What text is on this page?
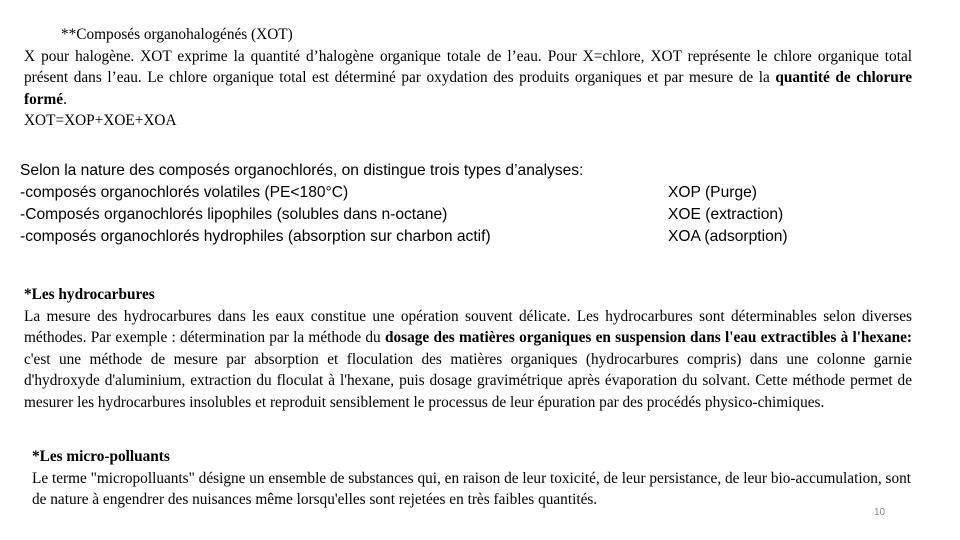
**Composés organohalogénés (XOT)
X pour halogène. XOT exprime la quantité d’halogène organique totale de l’eau. Pour X=chlore, XOT représente le chlore organique total présent dans l’eau. Le chlore organique total est déterminé par oxydation des produits organiques et par mesure de la quantité de chlorure formé.
XOT=XOP+XOE+XOA
Selon la nature des composés organochlorés, on distingue trois types d’analyses:
-composés organochlorés volatiles (PE<180°C)	XOP (Purge)
-Composés organochlorés lipophiles (solubles dans n-octane)	XOE (extraction)
-composés organochlorés hydrophiles (absorption sur charbon actif)	XOA (adsorption)
*Les hydrocarbures
La mesure des hydrocarbures dans les eaux constitue une opération souvent délicate. Les hydrocarbures sont déterminables selon diverses méthodes. Par exemple : détermination par la méthode du dosage des matières organiques en suspension dans l'eau extractibles à l'hexane: c'est une méthode de mesure par absorption et floculation des matières organiques (hydrocarbures compris) dans une colonne garnie d'hydroxyde d'aluminium, extraction du floculat à l'hexane, puis dosage gravimétrique après évaporation du solvant. Cette méthode permet de mesurer les hydrocarbures insolubles et reproduit sensiblement le processus de leur épuration par des procédés physico-chimiques.
*Les micro-polluants
Le terme "micropolluants" désigne un ensemble de substances qui, en raison de leur toxicité, de leur persistance, de leur bio-accumulation, sont de nature à engendrer des nuisances même lorsqu'elles sont rejetées en très faibles quantités.
10
